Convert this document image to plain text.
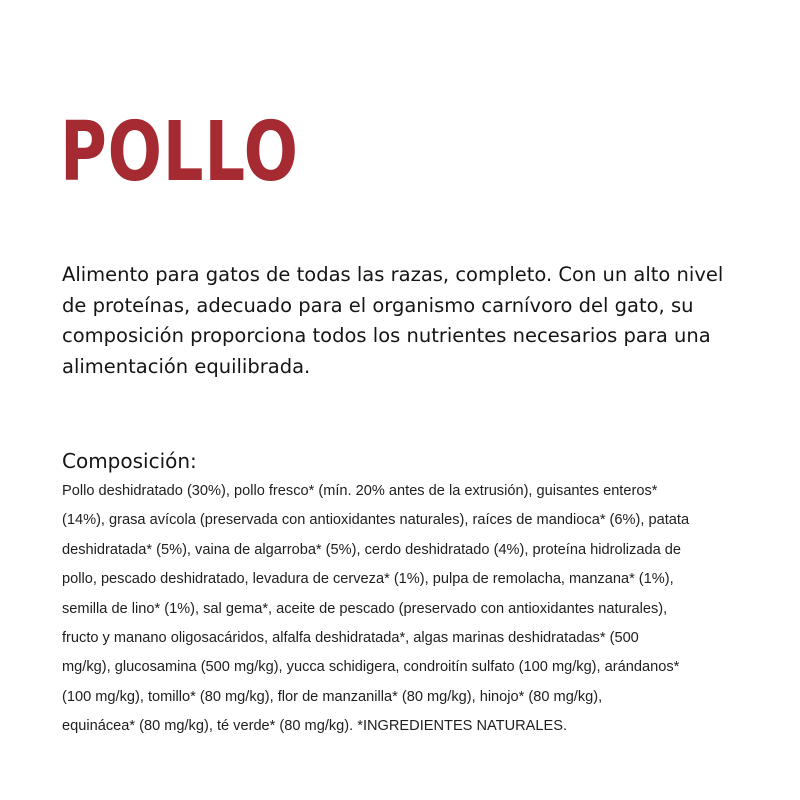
POLLO

Alimento para gatos de todas las razas, completo. Con un alto nivel de proteínas, adecuado para el organismo carnívoro del gato, su composición proporciona todos los nutrientes necesarios para una alimentación equilibrada.

Composición:

Pollo deshidratado (30%), pollo fresco* (mín. 20% antes de la extrusión), guisantes enteros*
(14%), grasa avícola (preservada con antioxidantes naturales), raíces de mandioca* (6%), patata
deshidratada* (5%), vaina de algarroba* (5%), cerdo deshidratado (4%), proteína hidrolizada de
pollo, pescado deshidratado, levadura de cerveza* (1%), pulpa de remolacha, manzana* (1%),
semilla de lino* (1%), sal gema*, aceite de pescado (preservado con antioxidantes naturales),
fructo y manano oligosacáridos, alfalfa deshidratada*, algas marinas deshidratadas* (500
mg/kg), glucosamina (500 mg/kg), yucca schidigera, condroitín sulfato (100 mg/kg), arándanos*
(100 mg/kg), tomillo* (80 mg/kg), flor de manzanilla* (80 mg/kg), hinojo* (80 mg/kg),
equinácea* (80 mg/kg), té verde* (80 mg/kg). *INGREDIENTES NATURALES.
